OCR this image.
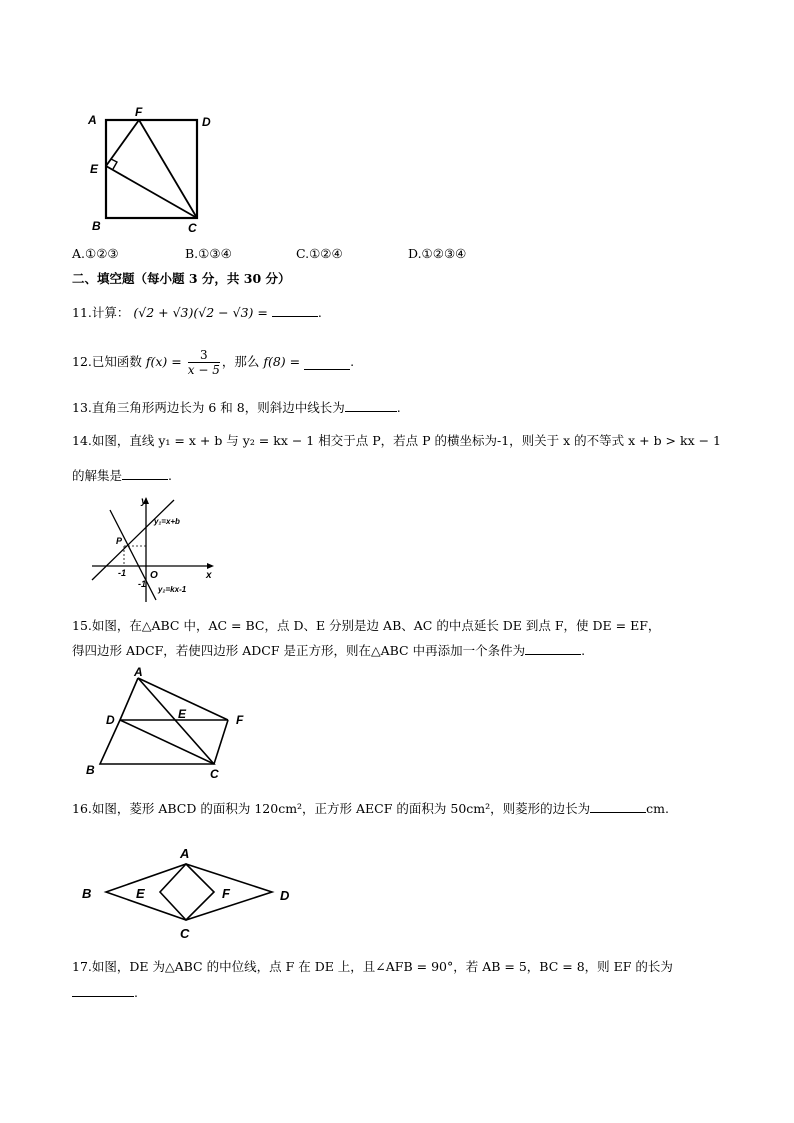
A	D
F
E
B	C
A.①②③	B.①③④	C.①②④	D.①②③④
二、填空题（每小题 3 分，共 30 分）
11.计算： (√2 + √3)(√2 − √3) =	.
12.已知函数 $f(x) = \frac{3}{x - 5}$ ，那么 f(8) =	.
13.直角三角形两边长为 6 和 8，则斜边中线长为	.
14.如图，直线 y₁ = x + b 与 y₂ = kx − 1 相交于点 P，若点 P 的横坐标为-1，则关于 x 的不等式 x + b > kx − 1
的解集是	.
y
x
O
P
-1
-1
y₁=x+b
y₂=kx-1
15.如图，在△ABC 中，AC = BC，点 D、E 分别是边 AB、AC 的中点延长 DE 到点 F，使 DE = EF，
得四边形 ADCF，若使四边形 ADCF 是正方形，则在△ABC 中再添加一个条件为	.
A
D	E	F
B	C
16.如图，菱形 ABCD 的面积为 120cm²，正方形 AECF 的面积为 50cm²，则菱形的边长为	cm.
A
B
C
D
E	F
17.如图，DE 为△ABC 的中位线，点 F 在 DE 上，且∠AFB = 90°，若 AB = 5，BC = 8，则 EF 的长为
.
